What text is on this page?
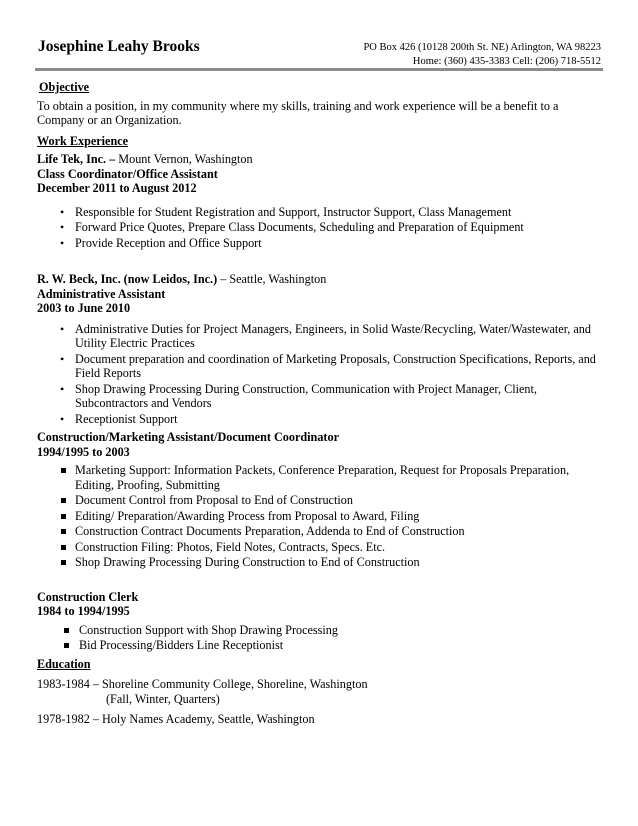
Josephine Leahy Brooks	PO Box 426 (10128 200th St. NE) Arlington, WA 98223
Home: (360) 435-3383 Cell: (206) 718-5512
Objective

To obtain a position, in my community where my skills, training and work experience will be a benefit to a Company or an Organization.

Work Experience
Life Tek, Inc. – Mount Vernon, Washington
Class Coordinator/Office Assistant
December 2011 to August 2012
• Responsible for Student Registration and Support, Instructor Support, Class Management
• Forward Price Quotes, Prepare Class Documents, Scheduling and Preparation of Equipment
• Provide Reception and Office Support
R. W. Beck, Inc. (now Leidos, Inc.) – Seattle, Washington
Administrative Assistant
2003 to June 2010
• Administrative Duties for Project Managers, Engineers, in Solid Waste/Recycling, Water/Wastewater, and Utility Electric Practices
• Document preparation and coordination of Marketing Proposals, Construction Specifications, Reports, and Field Reports
• Shop Drawing Processing During Construction, Communication with Project Manager, Client, Subcontractors and Vendors
• Receptionist Support
Construction/Marketing Assistant/Document Coordinator
1994/1995 to 2003
Marketing Support: Information Packets, Conference Preparation, Request for Proposals Preparation, Editing, Proofing, Submitting
Document Control from Proposal to End of Construction
Editing/ Preparation/Awarding Process from Proposal to Award, Filing
Construction Contract Documents Preparation, Addenda to End of Construction
Construction Filing: Photos, Field Notes, Contracts, Specs. Etc.
Shop Drawing Processing During Construction to End of Construction
Construction Clerk
1984 to 1994/1995
Construction Support with Shop Drawing Processing
Bid Processing/Bidders Line Receptionist
Education
1983-1984 – Shoreline Community College, Shoreline, Washington
(Fall, Winter, Quarters)
1978-1982 – Holy Names Academy, Seattle, Washington
